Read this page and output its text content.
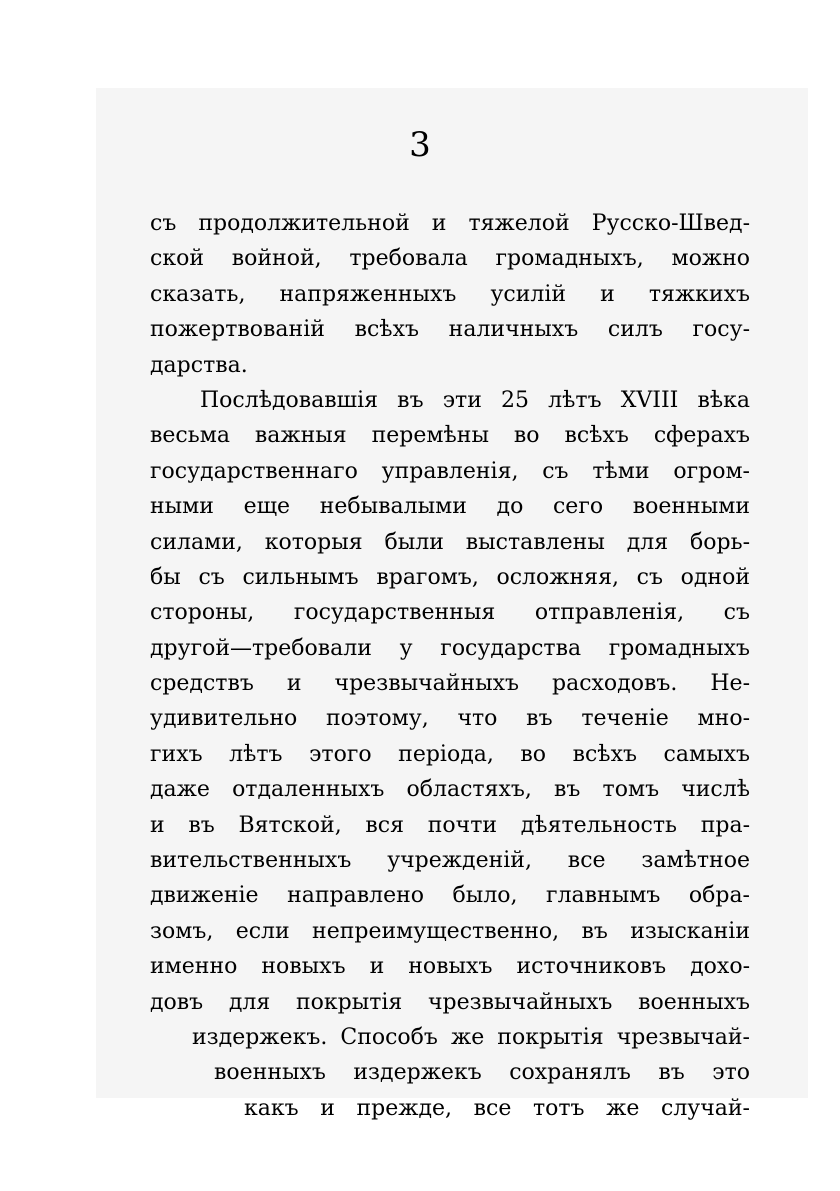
3
съ продолжительной и тяжелой Русско-Швед-
ской войной, требовала громадныхъ, можно
сказать, напряженныхъ усилій и тяжкихъ
пожертвованій всѣхъ наличныхъ силъ госу-
дарства.
Послѣдовавшія въ эти 25 лѣтъ XVIII вѣка
весьма важныя перемѣны во всѣхъ сферахъ
государственнаго управленія, съ тѣми огром-
ными еще небывалыми до сего военными
силами, которыя были выставлены для борь-
бы съ сильнымъ врагомъ, осложняя, съ одной
стороны, государственныя отправленія, съ
другой—требовали у государства громадныхъ
средствъ и чрезвычайныхъ расходовъ. Не-
удивительно поэтому, что въ теченіе мно-
гихъ лѣтъ этого періода, во всѣхъ самыхъ
даже отдаленныхъ областяхъ, въ томъ числѣ
и въ Вятской, вся почти дѣятельность пра-
вительственныхъ учрежденій, все замѣтное
движеніе направлено было, главнымъ обра-
зомъ, если непреимущественно, въ изысканіи
именно новыхъ и новыхъ источниковъ дохо-
довъ для покрытія чрезвычайныхъ военныхъ
издержекъ. Способъ же покрытія чрезвычай-
военныхъ издержекъ сохранялъ въ это
какъ и прежде, все тотъ же случай-
